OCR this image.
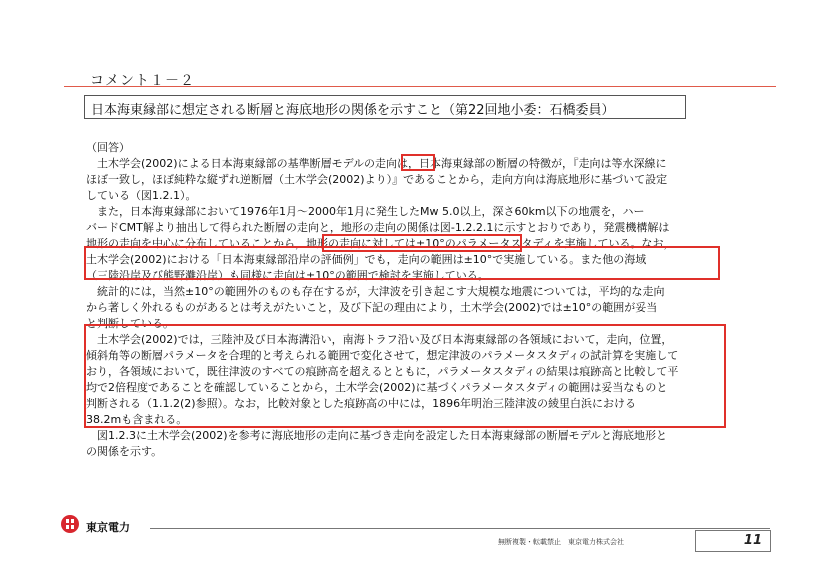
コメント１－２
日本海東縁部に想定される断層と海底地形の関係を示すこと（第22回地小委：石橋委員）
（回答）
　土木学会(2002)による日本海東縁部の基準断層モデルの走向は，日本海東縁部の断層の特徴が，『走向は等水深線に
ほぼ一致し，ほぼ純粋な縦ずれ逆断層（土木学会(2002)より）』であることから，走向方向は海底地形に基づいて設定
している（図1.2.1）。
　また，日本海東縁部において1976年1月～2000年1月に発生したMw 5.0以上，深さ60km以下の地震を，ハー
バードCMT解より抽出して得られた断層の走向と，地形の走向の関係は図-1.2.2.1に示すとおりであり，発震機構解は
地形の走向を中心に分布していることから，地形の走向に対しては±10°のパラメータスタディを実施している。なお，
土木学会(2002)における「日本海東縁部沿岸の評価例」でも，走向の範囲は±10°で実施している。また他の海域
（三陸沿岸及び熊野灘沿岸）も同様に走向は±10°の範囲で検討を実施している。
　統計的には，当然±10°の範囲外のものも存在するが，大津波を引き起こす大規模な地震については，平均的な走向
から著しく外れるものがあるとは考えがたいこと，及び下記の理由により，土木学会(2002)では±10°の範囲が妥当
と判断している。
　土木学会(2002)では，三陸沖及び日本海溝沿い，南海トラフ沿い及び日本海東縁部の各領域において，走向，位置，
傾斜角等の断層パラメータを合理的と考えられる範囲で変化させて，想定津波のパラメータスタディの試計算を実施して
おり，各領域において，既往津波のすべての痕跡高を超えるとともに，パラメータスタディの結果は痕跡高と比較して平
均で2倍程度であることを確認していることから，土木学会(2002)に基づくパラメータスタディの範囲は妥当なものと
判断される（1.1.2(2)参照）。なお，比較対象とした痕跡高の中には，1896年明治三陸津波の綾里白浜における
38.2mも含まれる。
　図1.2.3に土木学会(2002)を参考に海底地形の走向に基づき走向を設定した日本海東縁部の断層モデルと海底地形と
の関係を示す。
東京電力
無断複製・転載禁止　東京電力株式会社	11
